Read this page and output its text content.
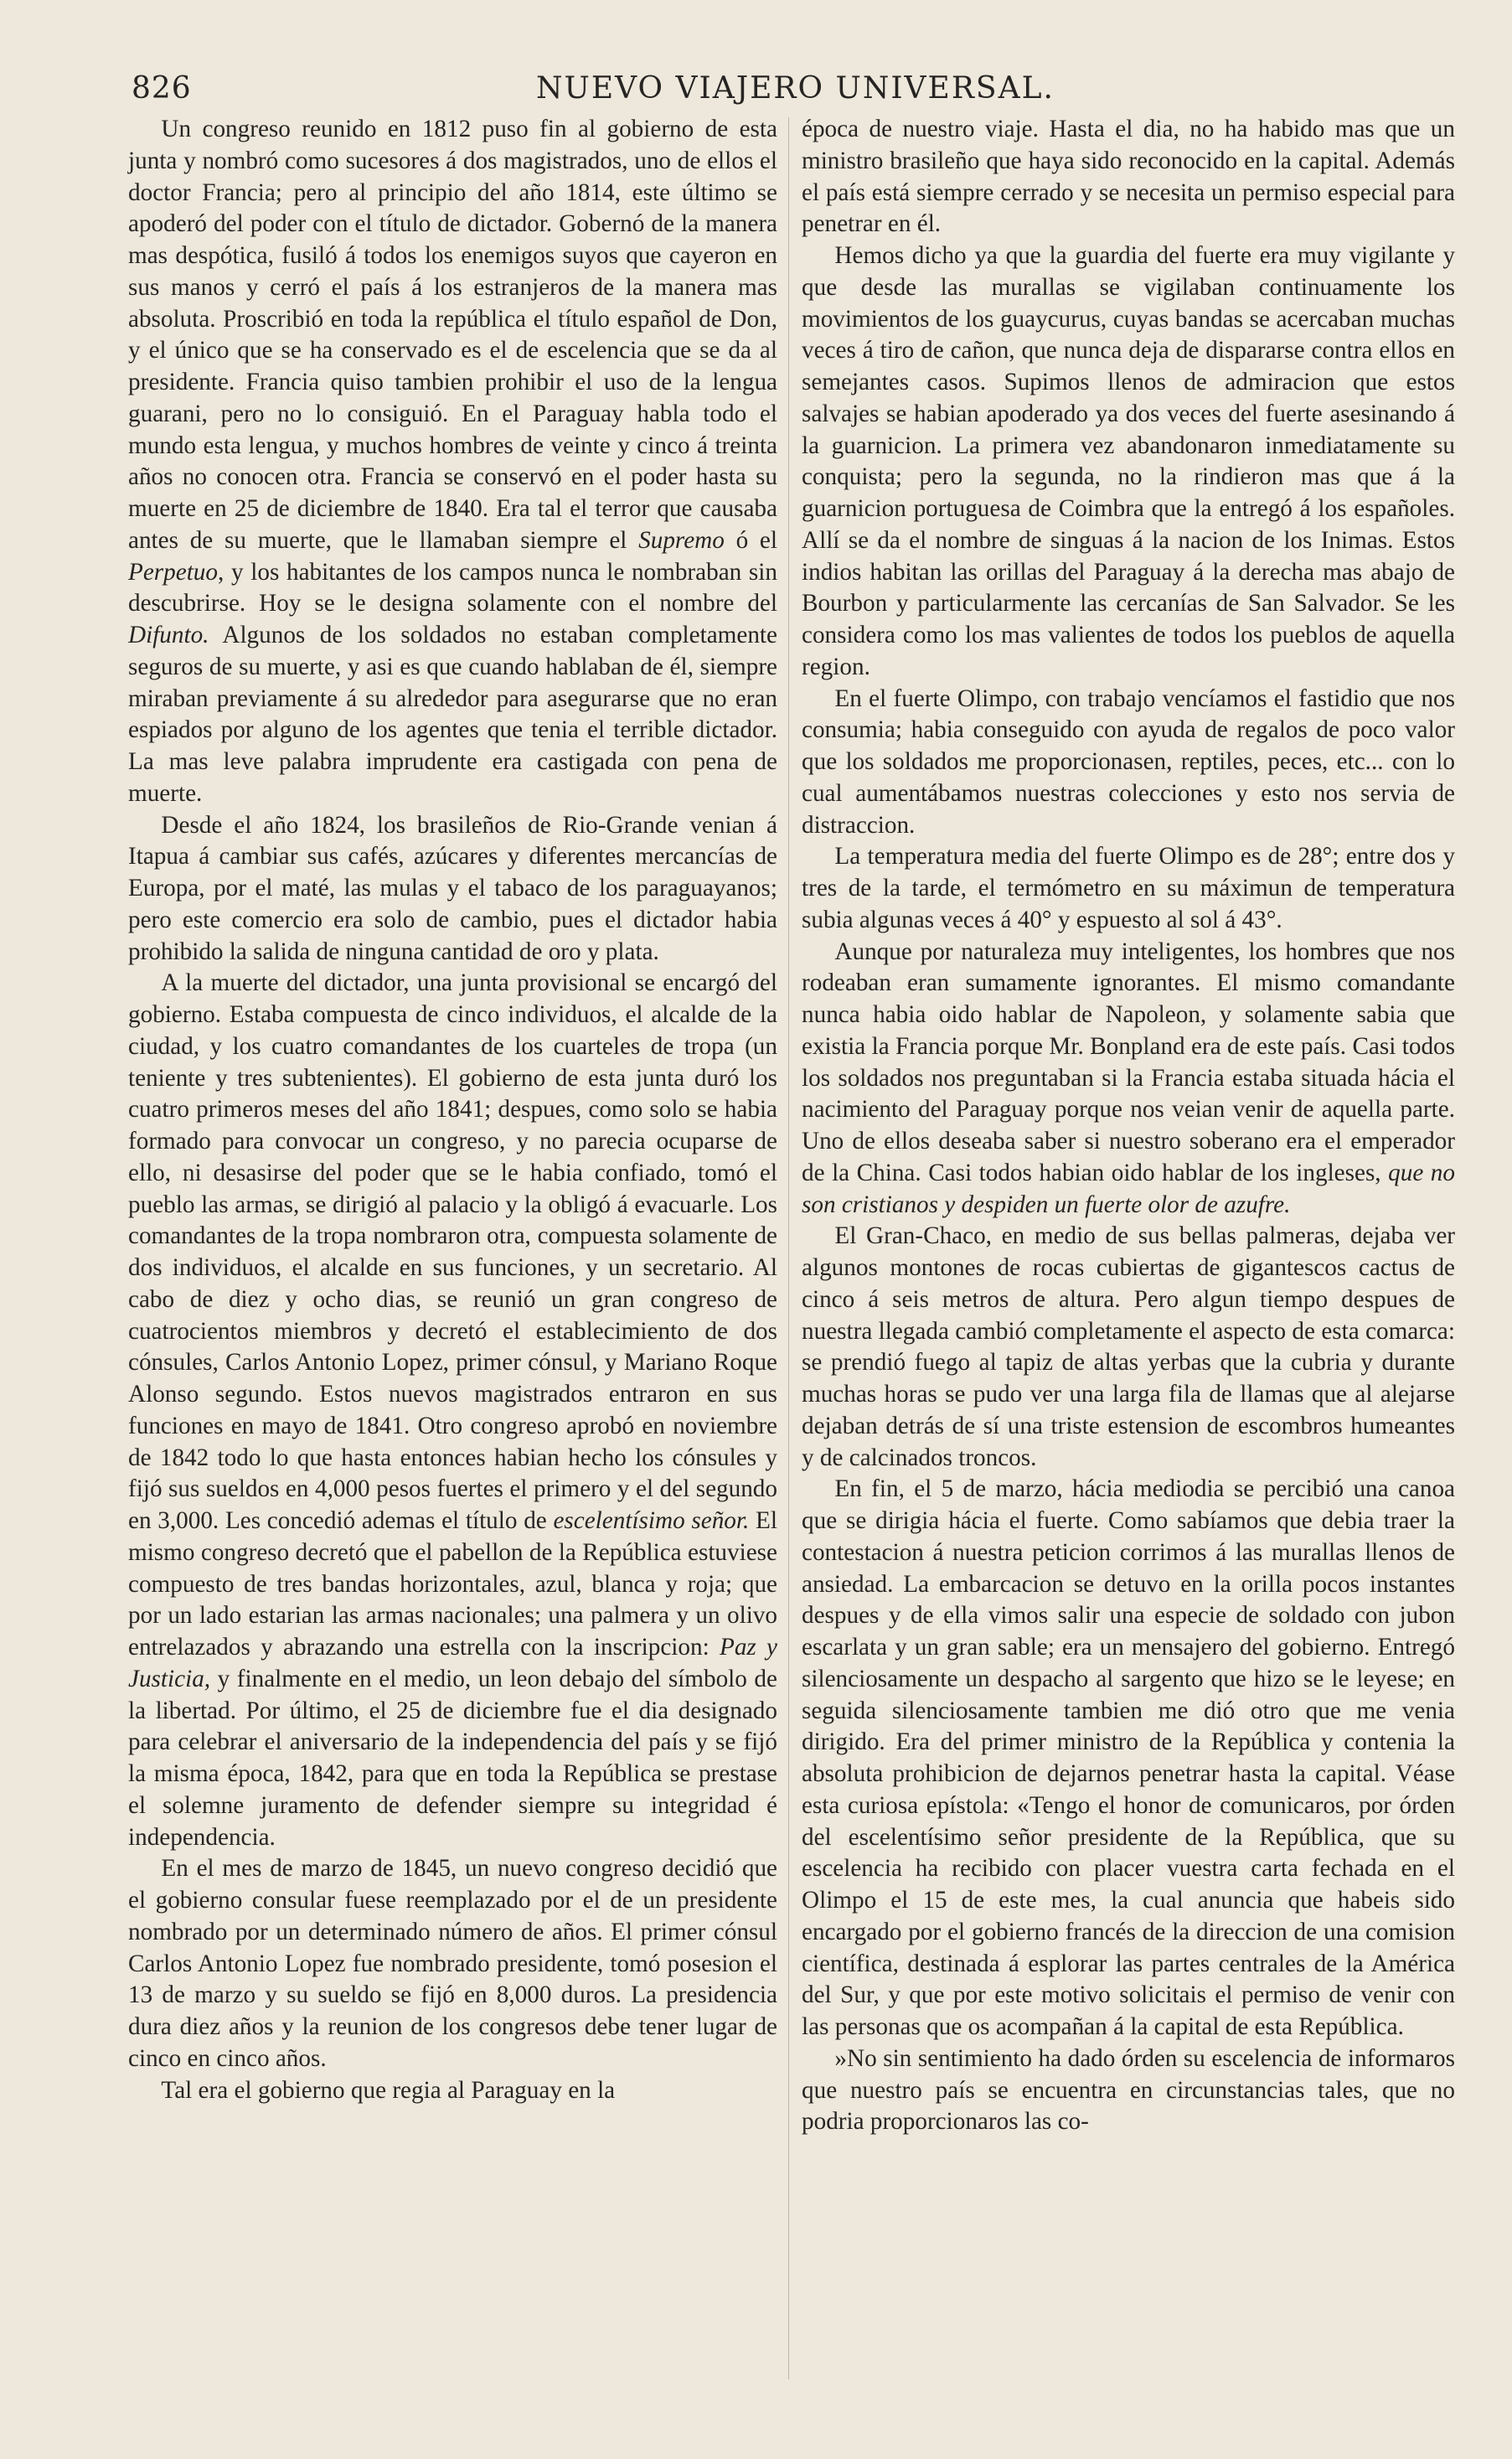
826	NUEVO VIAJERO UNIVERSAL.

Un congreso reunido en 1812 puso fin al gobierno de esta junta y nombró como sucesores á dos magistrados, uno de ellos el doctor Francia; pero al principio del año 1814, este último se apoderó del poder con el título de dictador. Gobernó de la manera mas despótica, fusiló á todos los enemigos suyos que cayeron en sus manos y cerró el país á los estranjeros de la manera mas absoluta. Proscribió en toda la república el título español de Don, y el único que se ha conservado es el de escelencia que se da al presidente. Francia quiso tambien prohibir el uso de la lengua guarani, pero no lo consiguió. En el Paraguay habla todo el mundo esta lengua, y muchos hombres de veinte y cinco á treinta años no conocen otra. Francia se conservó en el poder hasta su muerte en 25 de diciembre de 1840. Era tal el terror que causaba antes de su muerte, que le llamaban siempre el Supremo ó el Perpetuo, y los habitantes de los campos nunca le nombraban sin descubrirse. Hoy se le designa solamente con el nombre del Difunto. Algunos de los soldados no estaban completamente seguros de su muerte, y asi es que cuando hablaban de él, siempre miraban previamente á su alrededor para asegurarse que no eran espiados por alguno de los agentes que tenia el terrible dictador. La mas leve palabra imprudente era castigada con pena de muerte.

Desde el año 1824, los brasileños de Rio-Grande venian á Itapua á cambiar sus cafés, azúcares y diferentes mercancías de Europa, por el maté, las mulas y el tabaco de los paraguayanos; pero este comercio era solo de cambio, pues el dictador habia prohibido la salida de ninguna cantidad de oro y plata.

A la muerte del dictador, una junta provisional se encargó del gobierno. Estaba compuesta de cinco individuos, el alcalde de la ciudad, y los cuatro comandantes de los cuarteles de tropa (un teniente y tres subtenientes). El gobierno de esta junta duró los cuatro primeros meses del año 1841; despues, como solo se habia formado para convocar un congreso, y no parecia ocuparse de ello, ni desasirse del poder que se le habia confiado, tomó el pueblo las armas, se dirigió al palacio y la obligó á evacuarle. Los comandantes de la tropa nombraron otra, compuesta solamente de dos individuos, el alcalde en sus funciones, y un secretario. Al cabo de diez y ocho dias, se reunió un gran congreso de cuatrocientos miembros y decretó el establecimiento de dos cónsules, Carlos Antonio Lopez, primer cónsul, y Mariano Roque Alonso segundo. Estos nuevos magistrados entraron en sus funciones en mayo de 1841. Otro congreso aprobó en noviembre de 1842 todo lo que hasta entonces habian hecho los cónsules y fijó sus sueldos en 4,000 pesos fuertes el primero y el del segundo en 3,000. Les concedió ademas el título de escelentísimo señor. El mismo congreso decretó que el pabellon de la República estuviese compuesto de tres bandas horizontales, azul, blanca y roja; que por un lado estarian las armas nacionales; una palmera y un olivo entrelazados y abrazando una estrella con la inscripcion: Paz y Justicia, y finalmente en el medio, un leon debajo del símbolo de la libertad. Por último, el 25 de diciembre fue el dia designado para celebrar el aniversario de la independencia del país y se fijó la misma época, 1842, para que en toda la República se prestase el solemne juramento de defender siempre su integridad é independencia.

En el mes de marzo de 1845, un nuevo congreso decidió que el gobierno consular fuese reemplazado por el de un presidente nombrado por un determinado número de años. El primer cónsul Carlos Antonio Lopez fue nombrado presidente, tomó posesion el 13 de marzo y su sueldo se fijó en 8,000 duros. La presidencia dura diez años y la reunion de los congresos debe tener lugar de cinco en cinco años.

Tal era el gobierno que regia al Paraguay en la

época de nuestro viaje. Hasta el dia, no ha habido mas que un ministro brasileño que haya sido reconocido en la capital. Además el país está siempre cerrado y se necesita un permiso especial para penetrar en él.

Hemos dicho ya que la guardia del fuerte era muy vigilante y que desde las murallas se vigilaban continuamente los movimientos de los guaycurus, cuyas bandas se acercaban muchas veces á tiro de cañon, que nunca deja de dispararse contra ellos en semejantes casos. Supimos llenos de admiracion que estos salvajes se habian apoderado ya dos veces del fuerte asesinando á la guarnicion. La primera vez abandonaron inmediatamente su conquista; pero la segunda, no la rindieron mas que á la guarnicion portuguesa de Coimbra que la entregó á los españoles. Allí se da el nombre de singuas á la nacion de los Inimas. Estos indios habitan las orillas del Paraguay á la derecha mas abajo de Bourbon y particularmente las cercanías de San Salvador. Se les considera como los mas valientes de todos los pueblos de aquella region.

En el fuerte Olimpo, con trabajo vencíamos el fastidio que nos consumia; habia conseguido con ayuda de regalos de poco valor que los soldados me proporcionasen, reptiles, peces, etc... con lo cual aumentábamos nuestras colecciones y esto nos servia de distraccion.

La temperatura media del fuerte Olimpo es de 28°; entre dos y tres de la tarde, el termómetro en su máximun de temperatura subia algunas veces á 40° y espuesto al sol á 43°.

Aunque por naturaleza muy inteligentes, los hombres que nos rodeaban eran sumamente ignorantes. El mismo comandante nunca habia oido hablar de Napoleon, y solamente sabia que existia la Francia porque Mr. Bonpland era de este país. Casi todos los soldados nos preguntaban si la Francia estaba situada hácia el nacimiento del Paraguay porque nos veian venir de aquella parte. Uno de ellos deseaba saber si nuestro soberano era el emperador de la China. Casi todos habian oido hablar de los ingleses, que no son cristianos y despiden un fuerte olor de azufre.

El Gran-Chaco, en medio de sus bellas palmeras, dejaba ver algunos montones de rocas cubiertas de gigantescos cactus de cinco á seis metros de altura. Pero algun tiempo despues de nuestra llegada cambió completamente el aspecto de esta comarca: se prendió fuego al tapiz de altas yerbas que la cubria y durante muchas horas se pudo ver una larga fila de llamas que al alejarse dejaban detrás de sí una triste estension de escombros humeantes y de calcinados troncos.

En fin, el 5 de marzo, hácia mediodia se percibió una canoa que se dirigia hácia el fuerte. Como sabíamos que debia traer la contestacion á nuestra peticion corrimos á las murallas llenos de ansiedad. La embarcacion se detuvo en la orilla pocos instantes despues y de ella vimos salir una especie de soldado con jubon escarlata y un gran sable; era un mensajero del gobierno. Entregó silenciosamente un despacho al sargento que hizo se le leyese; en seguida silenciosamente tambien me dió otro que me venia dirigido. Era del primer ministro de la República y contenia la absoluta prohibicion de dejarnos penetrar hasta la capital. Véase esta curiosa epístola: «Tengo el honor de comunicaros, por órden del escelentísimo señor presidente de la República, que su escelencia ha recibido con placer vuestra carta fechada en el Olimpo el 15 de este mes, la cual anuncia que habeis sido encargado por el gobierno francés de la direccion de una comision científica, destinada á esplorar las partes centrales de la América del Sur, y que por este motivo solicitais el permiso de venir con las personas que os acompañan á la capital de esta República.

»No sin sentimiento ha dado órden su escelencia de informaros que nuestro país se encuentra en circunstancias tales, que no podria proporcionaros las co-
